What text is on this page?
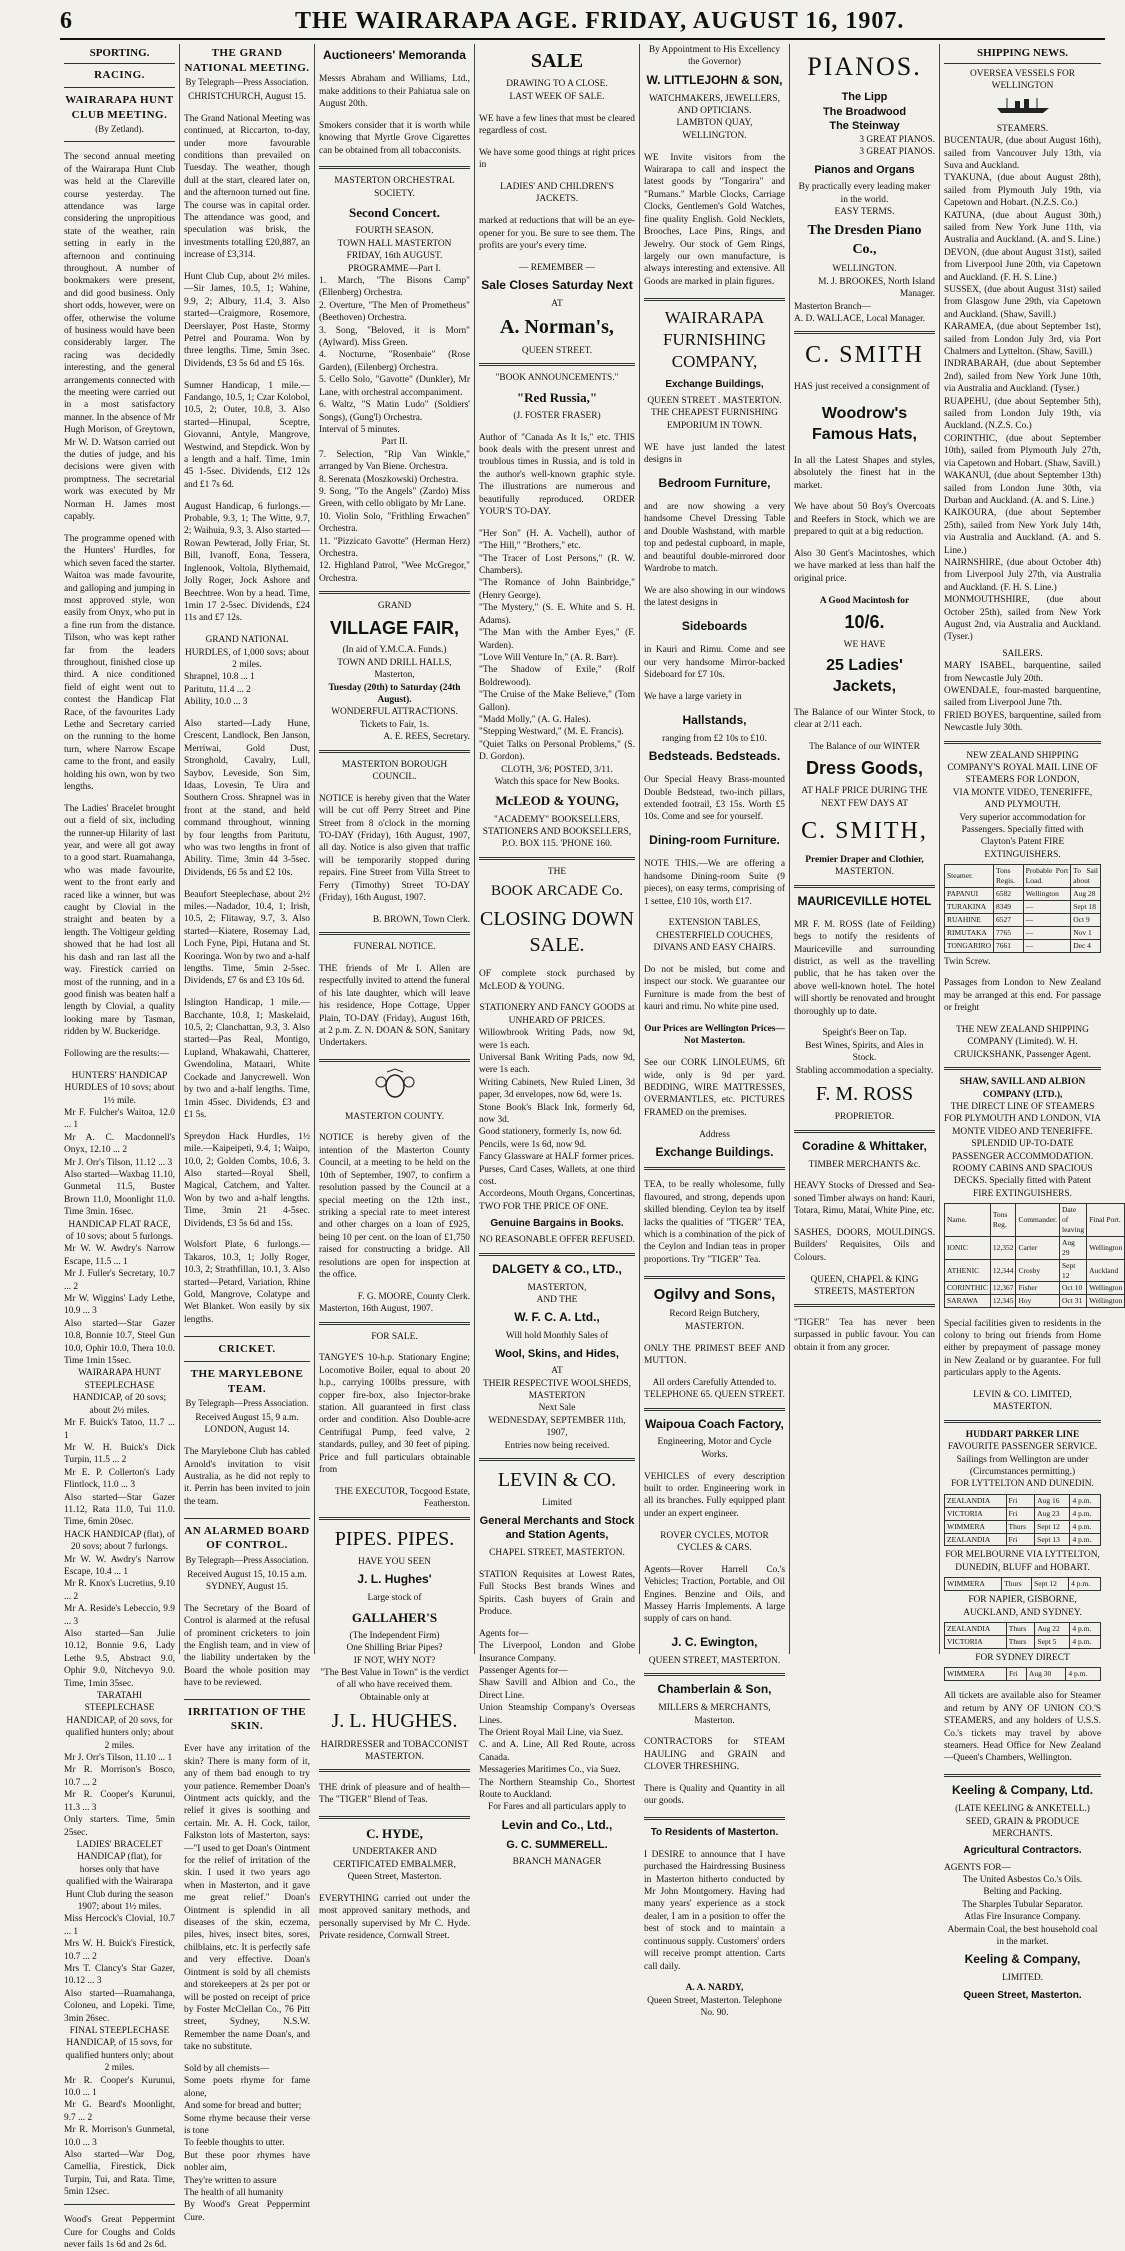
6	THE WAIRARAPA AGE. FRIDAY, AUGUST 16, 1907.
SPORTING.
RACING.
WAIRARAPA HUNT CLUB MEETING.
(By Zetland).

The second annual meeting of the Wairarapa Hunt Club was held at the Clareville course yesterday. The attendance was large considering the unpropitious state of the weather, rain setting in early in the afternoon and continuing throughout. A number of bookmakers were present, and did good business. Only short odds, however, were on offer, otherwise the volume of business would have been considerably larger. The racing was decidedly interesting, and the general arrangements connected with the meeting were carried out in a most satisfactory manner. In the absence of Mr Hugh Morison, of Greytown, Mr W. D. Watson carried out the duties of judge, and his decisions were given with promptness. The secretarial work was executed by Mr Norman H. James most capably.

The programme opened with the Hunters' Hurdles, for which seven faced the starter. Waitoa was made favourite, and galloping and jumping in most approved style, won easily from Onyx, who put in a fine run from the distance. Tilson, who was kept rather far from the leaders throughout, finished close up third. A nice conditioned field of eight went out to contest the Handicap Flat Race, of the favourites Lady Lethe and Secretary carried on the running to the home turn, where Narrow Escape came to the front, and easily holding his own, won by two lengths.

The Ladies' Bracelet brought out a field of six, including the runner-up Hilarity of last year, and were all got away to a good start. Ruamahanga, who was made favourite, went to the front early and raced like a winner, but was caught by Clovial in the straight and beaten by a length. The Voltigeur gelding showed that he had lost all his dash and ran last all the way. Firestick carried on most of the running, and in a good finish was beaten half a length by Clovial, a quality looking mare by Tasman, ridden by W. Buckeridge.

Following are the results:—

HUNTERS' HANDICAP HURDLES of 10 sovs; about 1½ mile.
Mr F. Fulcher's Waitoa, 12.0 ... 1
Mr A. C. Macdonnell's Onyx, 12.10 ... 2
Mr J. Orr's Tilson, 11.12 ... 3
Also started—Waxbag 11.10, Gunmetal 11.5, Buster Brown 11.0, Moonlight 11.0. Time 3min. 16sec.
HANDICAP FLAT RACE, of 10 sovs; about 5 furlongs.
Mr W. W. Awdry's Narrow Escape, 11.5 ... 1
Mr J. Fuller's Secretary, 10.7 ... 2
Mr W. Wiggins' Lady Lethe, 10.9 ... 3
Also started—Star Gazer 10.8, Bonnie 10.7, Steel Gun 10.0, Ophir 10.0, Thera 10.0. Time 1min 15sec.
WAIRARAPA HUNT STEEPLECHASE HANDICAP, of 20 sovs; about 2½ miles.
Mr F. Buick's Tatoo, 11.7 ... 1
Mr W. H. Buick's Dick Turpin, 11.5 ... 2
Mr E. P. Collerton's Lady Flintlock, 11.0 ... 3
Also started—Star Gazer 11.12, Rata 11.0, Tui 11.0. Time, 6min 20sec.
HACK HANDICAP (flat), of 20 sovs; about 7 furlongs.
Mr W. W. Awdry's Narrow Escape, 10.4 ... 1
Mr R. Knox's Lucretius, 9.10 ... 2
Mr A. Reside's Lebeccio, 9.9 ... 3
Also started—San Julie 10.12, Bonnie 9.6, Lady Lethe 9.5, Abstract 9.0, Ophir 9.0, Nitchevyo 9.0. Time, 1min 35sec.
TARATAHI STEEPLECHASE HANDICAP, of 20 sovs, for qualified hunters only; about 2 miles.
Mr J. Orr's Tilson, 11.10 ... 1
Mr R. Morrison's Bosco, 10.7 ... 2
Mr R. Cooper's Kurunui, 11.3 ... 3
Only starters. Time, 5min 25sec.
LADIES' BRACELET HANDICAP (flat), for horses only that have qualified with the Wairarapa Hunt Club during the season 1907; about 1½ miles.
Miss Hercock's Clovial, 10.7 ... 1
Mrs W. H. Buick's Firestick, 10.7 ... 2
Mrs T. Clancy's Star Gazer, 10.12 ... 3
Also started—Ruamahanga, Coloneu, and Lopeki. Time, 3min 26sec.
FINAL STEEPLECHASE HANDICAP, of 15 sovs, for qualified hunters only; about 2 miles.
Mr R. Cooper's Kurunui, 10.0 ... 1
Mr G. Beard's Moonlight, 9.7 ... 2
Mr R. Morrison's Gunmetal, 10.0 ... 3
Also started—War Dog, Camellia, Firestick, Dick Turpin, Tui, and Rata. Time, 5min 12sec.

Wood's Great Peppermint Cure for Coughs and Colds never fails 1s 6d and 2s 6d.

THE GRAND NATIONAL MEETING.
By Telegraph—Press Association.
CHRISTCHURCH, August 15.

The Grand National Meeting was continued, at Riccarton, to-day, under more favourable conditions than prevailed on Tuesday. The weather, though dull at the start, cleared later on, and the afternoon turned out fine. The course was in capital order. The attendance was good, and speculation was brisk, the investments totalling £20,887, an increase of £3,314.

Hunt Club Cup, about 2½ miles.—Sir James, 10.5, 1; Wahine, 9.9, 2; Albury, 11.4, 3. Also started—Craigmore, Rosemore, Deerslayer, Post Haste, Stormy Petrel and Pourama. Won by three lengths. Time, 5min 3sec. Dividends, £3 5s 6d and £5 16s.

Sumner Handicap, 1 mile.—Fandango, 10.5, 1; Czar Kolobol, 10.5, 2; Outer, 10.8, 3. Also started—Hinupal, Sceptre, Giovanni, Antyle, Mangrove, Westwind, and Stepdick. Won by a length and a half. Time, 1min 45 1-5sec. Dividends, £12 12s and £1 7s 6d.

August Handicap, 6 furlongs.—Probable, 9.3, 1; The Witte, 9.7, 2; Waihuia, 9.3, 3. Also started—Rowan Pewterad, Jolly Friar, St. Bill, Ivanoff, Eona, Tessera, Inglenook, Voltola, Blythemaid, Jolly Roger, Jock Ashore and Beechtree. Won by a head. Time, 1min 17 2-5sec. Dividends, £24 11s and £7 12s.

GRAND NATIONAL HURDLES, of 1,000 sovs; about 2 miles.
Shrapnel, 10.8 ... 1
Paritutu, 11.4 ... 2
Ability, 10.0 ... 3

Also started—Lady Hune, Crescent, Landlock, Ben Janson, Merriwai, Gold Dust, Stronghold, Cavalry, Lull, Saybov, Leveside, Son Sim, Idaas, Lovesin, Te Uira and Southern Cross. Shrapnel was in front at the stand, and held command throughout, winning by four lengths from Paritutu, who was two lengths in front of Ability. Time, 3min 44 3-5sec. Dividends, £6 5s and £2 10s.

Beaufort Steeplechase, about 2½ miles.—Nadador, 10.4, 1; Irish, 10.5, 2; Flitaway, 9.7, 3. Also started—Kiatere, Rosemay Lad, Loch Fyne, Pipi, Hutana and St. Kooringa. Won by two and a-half lengths. Time, 5min 2-5sec. Dividends, £7 6s and £3 10s 6d.

Islington Handicap, 1 mile.—Bacchante, 10.8, 1; Maskelaid, 10.5, 2; Clanchattan, 9.3, 3. Also started—Pas Real, Montigo, Lupland, Whakawahi, Chatterer, Gwendolina, Mataari, White Cockade and Janycrewell. Won by two and a-half lengths. Time, 1min 45sec. Dividends, £3 and £1 5s.

Spreydon Hack Hurdles, 1½ mile.—Kaipeipeti, 9.4, 1; Waipo, 10.0, 2; Golden Combs, 10.6, 3. Also started—Royal Shell, Magical, Catchem, and Yalter. Won by two and a-half lengths. Time, 3min 21 4-5sec. Dividends, £3 5s 6d and 15s.

Wolsfort Plate, 6 furlongs.—Takaros, 10.3, 1; Jolly Roger, 10.3, 2; Strathfillan, 10.1, 3. Also started—Petard, Variation, Rhine Gold, Mangrove, Colatype and Wet Blanket. Won easily by six lengths.

CRICKET.
THE MARYLEBONE TEAM.
By Telegraph—Press Association.
Received August 15, 9 a.m.
LONDON, August 14.

The Marylebone Club has cabled Arnold's invitation to visit Australia, as he did not reply to it. Perrin has been invited to join the team.

AN ALARMED BOARD OF CONTROL.
By Telegraph—Press Association.
Received August 15, 10.15 a.m.
SYDNEY, August 15.

The Secretary of the Board of Control is alarmed at the refusal of prominent cricketers to join the English team, and in view of the liability undertaken by the Board the whole position may have to be reviewed.

IRRITATION OF THE SKIN.

Ever have any irritation of the skin? There is many form of it, any of them bad enough to try your patience. Remember Doan's Ointment acts quickly, and the relief it gives is soothing and certain. Mr. A. H. Cock, tailor, Falkston lots of Masterton, says:—"I used to get Doan's Ointment for the relief of irritation of the skin. I used it two years ago when in Masterton, and it gave me great relief." Doan's Ointment is splendid in all diseases of the skin, eczema, piles, hives, insect bites, sores, chilblains, etc. It is perfectly safe and very effective. Doan's Ointment is sold by all chemists and storekeepers at 2s per pot or will be posted on receipt of price by Foster McClellan Co., 76 Pitt street, Sydney, N.S.W. Remember the name Doan's, and take no substitute.

Sold by all chemists—
Some poets rhyme for fame alone,
And some for bread and butter;
Some rhyme because their verse is tone
To feeble thoughts to utter.
But these poor rhymes have nobler aim,
They're written to assure
The health of all humanity
By Wood's Great Peppermint Cure.
Auctioneers' Memoranda

Messrs Abraham and Williams, Ltd., make additions to their Pahiatua sale on August 20th.

Smokers consider that it is worth while knowing that Myrtle Grove Cigarettes can be obtained from all tobacconists.

MASTERTON ORCHESTRAL SOCIETY.
Second Concert.
FOURTH SEASON.
TOWN HALL MASTERTON
FRIDAY, 16th AUGUST.
PROGRAMME—Part I.
1. March, "The Bisons Camp" (Ellenberg) Orchestra.
2. Overture, "The Men of Prometheus" (Beethoven) Orchestra.
3. Song, "Beloved, it is Morn" (Aylward). Miss Green.
4. Nocturne, "Rosenbaie" (Rose Garden), (Eilenberg) Orchestra.
5. Cello Solo, "Gavotte" (Dunkler), Mr Lane, with orchestral accompaniment.
6. Waltz, "S Matin Ludo" (Soldiers' Songs), (Gung'l) Orchestra.
Interval of 5 minutes.
Part II.
7. Selection, "Rip Van Winkle," arranged by Van Biene. Orchestra.
8. Serenata (Moszkowski) Orchestra.
9. Song, "To the Angels" (Zardo) Miss Green, with cello obligato by Mr Lane.
10. Violin Solo, "Frithling Erwachen" Orchestra.
11. "Pizzicato Gavotte" (Herman Herz) Orchestra.
12. Highland Patrol, "Wee McGregor," Orchestra.
GRAND
VILLAGE FAIR,
(In aid of Y.M.C.A. Funds.)
TOWN AND DRILL HALLS, Masterton,
Tuesday (20th) to Saturday (24th August).
WONDERFUL ATTRACTIONS.
Tickets to Fair, 1s.
A. E. REES, Secretary.
MASTERTON BOROUGH COUNCIL.

NOTICE is hereby given that the Water will be cut off Perry Street and Pine Street from 8 o'clock in the morning TO-DAY (Friday), 16th August, 1907, all day. Notice is also given that traffic will be temporarily stopped during repairs. Fine Street from Villa Street to Ferry (Timothy) Street TO-DAY (Friday), 16th August, 1907.

B. BROWN, Town Clerk.
FUNERAL NOTICE.

THE friends of Mr I. Allen are respectfully invited to attend the funeral of his late daughter, which will leave his residence, Hope Cottage, Upper Plain, TO-DAY (Friday), August 16th, at 2 p.m. Z. N. DOAN & SON, Sanitary Undertakers.

MASTERTON COUNTY.

NOTICE is hereby given of the intention of the Masterton County Council, at a meeting to be held on the 10th of September, 1907, to confirm a resolution passed by the Council at a special meeting on the 12th inst., striking a special rate to meet interest and other charges on a loan of £925, being 10 per cent. on the loan of £1,750 raised for constructing a bridge. All resolutions are open for inspection at the office.

F. G. MOORE, County Clerk.
Masterton, 16th August, 1907.
FOR SALE.

TANGYE'S 10-h.p. Stationary Engine; Locomotive Boiler, equal to about 20 h.p., carrying 100lbs pressure, with copper fire-box, also Injector-brake station. All guaranteed in first class order and condition. Also Double-acre Centrifugal Pump, feed valve, 2 standards, pulley, and 30 feet of piping. Price and full particulars obtainable from

THE EXECUTOR, Tocgood Estate, Featherston.
PIPES. PIPES.
HAVE YOU SEEN
J. L. Hughes'
Large stock of
GALLAHER'S
(The Independent Firm)
One Shilling Briar Pipes?
IF NOT, WHY NOT?
"The Best Value in Town" is the verdict of all who have received them.
Obtainable only at
J. L. HUGHES.
HAIRDRESSER and TOBACCONIST
MASTERTON.

THE drink of pleasure and of health—The "TIGER" Blend of Teas.

C. HYDE,
UNDERTAKER AND CERTIFICATED EMBALMER,
Queen Street, Masterton.

EVERYTHING carried out under the most approved sanitary methods, and personally supervised by Mr C. Hyde. Private residence, Cornwall Street.

SALE
DRAWING TO A CLOSE.
LAST WEEK OF SALE.

WE have a few lines that must be cleared regardless of cost.

We have some good things at right prices in

LADIES' AND CHILDREN'S JACKETS.

marked at reductions that will be an eye-opener for you. Be sure to see them. The profits are your's every time.

— REMEMBER —
Sale Closes Saturday Next
AT
A. Norman's,
QUEEN STREET.
"BOOK ANNOUNCEMENTS."
"Red Russia,"
(J. FOSTER FRASER)

Author of "Canada As It Is," etc. THIS book deals with the present unrest and troublous times in Russia, and is told in the author's well-known graphic style. The illustrations are numerous and beautifully reproduced. ORDER YOUR'S TO-DAY.

"Her Son" (H. A. Vachell), author of "The Hill," "Brothers," etc.
"The Tracer of Lost Persons," (R. W. Chambers).
"The Romance of John Bainbridge," (Henry George).
"The Mystery," (S. E. White and S. H. Adams).
"The Man with the Amber Eyes," (F. Warden).
"Love Will Venture In," (A. R. Barr).
"The Shadow of Exile," (Rolf Boldrewood).
"The Cruise of the Make Believe," (Tom Gallon).
"Madd Molly," (A. G. Hales).
"Stepping Westward," (M. E. Francis).
"Quiet Talks on Personal Problems," (S. D. Gordon).
CLOTH, 3/6; POSTED, 3/11.
Watch this space for New Books.
McLEOD & YOUNG,
"ACADEMY" BOOKSELLERS,
STATIONERS AND BOOKSELLERS,
P.O. BOX 115. 'PHONE 160.
THE
BOOK ARCADE Co.
CLOSING DOWN SALE.

OF complete stock purchased by McLEOD & YOUNG.

STATIONERY AND FANCY GOODS at UNHEARD OF PRICES.
Willowbrook Writing Pads, now 9d, were 1s each.
Universal Bank Writing Pads, now 9d, were 1s each.
Writing Cabinets, New Ruled Linen, 3d paper, 3d envelopes, now 6d, were 1s.
Stone Book's Black Ink, formerly 6d, now 3d.
Good stationery, formerly 1s, now 6d.
Pencils, were 1s 6d, now 9d.
Fancy Glassware at HALF former prices.
Purses, Card Cases, Wallets, at one third cost.
Accordeons, Mouth Organs, Concertinas, TWO FOR THE PRICE OF ONE.
Genuine Bargains in Books.
NO REASONABLE OFFER REFUSED.
DALGETY & CO., LTD.,
MASTERTON,
AND THE
W. F. C. A. Ltd.,
Will hold Monthly Sales of
Wool, Skins, and Hides,
AT
THEIR RESPECTIVE WOOLSHEDS, MASTERTON
Next Sale
WEDNESDAY, SEPTEMBER 11th, 1907,
Entries now being received.
LEVIN & CO.
Limited
General Merchants and Stock and Station Agents,
CHAPEL STREET, MASTERTON.

STATION Requisites at Lowest Rates, Full Stocks Best brands Wines and Spirits. Cash buyers of Grain and Produce.

Agents for—
The Liverpool, London and Globe Insurance Company.
Passenger Agents for—
Shaw Savill and Albion and Co., the Direct Line.
Union Steamship Company's Overseas Lines.
The Orient Royal Mail Line, via Suez.
C. and A. Line, All Red Route, across Canada.
Messageries Maritimes Co., via Suez.
The Northern Steamship Co., Shortest Route to Auckland.
For Fares and all particulars apply to
Levin and Co., Ltd.,
G. C. SUMMERELL.
BRANCH MANAGER
By Appointment to His Excellency the Governor)
W. LITTLEJOHN & SON,
WATCHMAKERS, JEWELLERS, AND OPTICIANS.
LAMBTON QUAY, WELLINGTON.

WE Invite visitors from the Wairarapa to call and inspect the latest goods by "Tongarira" and "Rumans." Marble Clocks, Carriage Clocks, Gentlemen's Gold Watches, fine quality English. Gold Necklets, Brooches, Lace Pins, Rings, and Jewelry. Our stock of Gem Rings, largely our own manufacture, is always interesting and extensive. All Goods are marked in plain figures.

WAIRARAPA FURNISHING COMPANY,
Exchange Buildings,
QUEEN STREET . MASTERTON.
THE CHEAPEST FURNISHING EMPORIUM IN TOWN.

WE have just landed the latest designs in

Bedroom Furniture,

and are now showing a very handsome Chevel Dressing Table and Double Washstand, with marble top and pedestal cupboard, in maple, and beautiful double-mirrored door Wardrobe to match.

We are also showing in our windows the latest designs in

Sideboards

in Kauri and Rimu. Come and see our very handsome Mirror-backed Sideboard for £7 10s.

We have a large variety in

Hallstands,
ranging from £2 10s to £10.
Bedsteads. Bedsteads.

Our Special Heavy Brass-mounted Double Bedstead, two-inch pillars, extended footrail, £3 15s. Worth £5 10s. Come and see for yourself.

Dining-room Furniture.

NOTE THIS.—We are offering a handsome Dining-room Suite (9 pieces), on easy terms, comprising of 1 settee, £10 10s, worth £17.

EXTENSION TABLES, CHESTERFIELD COUCHES, DIVANS AND EASY CHAIRS.

Do not be misled, but come and inspect our stock. We guarantee our Furniture is made from the best of kauri and rimu. No white pine used.

Our Prices are Wellington Prices—Not Masterton.

See our CORK LINOLEUMS, 6ft wide, only is 9d per yard. BEDDING, WIRE MATTRESSES, OVERMANTLES, etc. PICTURES FRAMED on the premises.

Address
Exchange Buildings.

TEA, to be really wholesome, fully flavoured, and strong, depends upon skilled blending. Ceylon tea by itself lacks the qualities of "TIGER" TEA, which is a combination of the pick of the Ceylon and Indian teas in proper proportions. Try "TIGER" Tea.

Ogilvy and Sons,
Record Reign Butchery,
MASTERTON.

ONLY THE PRIMEST BEEF AND MUTTON.

All orders Carefully Attended to.
TELEPHONE 65. QUEEN STREET.
Waipoua Coach Factory,
Engineering, Motor and Cycle Works.

VEHICLES of every description built to order. Engineering work in all its branches. Fully equipped plant under an expert engineer.

ROVER CYCLES, MOTOR CYCLES & CARS.

Agents—Rover Harrell Co.'s Vehicles; Traction, Portable, and Oil Engines. Benzine and Oils, and Massey Harris Implements. A large supply of cars on hand.

J. C. Ewington,
QUEEN STREET, MASTERTON.
Chamberlain & Son,
MILLERS & MERCHANTS,
Masterton.

CONTRACTORS for STEAM HAULING and GRAIN and CLOVER THRESHING.

There is Quality and Quantity in all our goods.

To Residents of Masterton.

I DESIRE to announce that I have purchased the Hairdressing Business in Masterton hitherto conducted by Mr John Montgomery. Having had many years' experience as a stock dealer, I am in a position to offer the best of stock and to maintain a continuous supply. Customers' orders will receive prompt attention. Carts call daily.

A. A. NARDY,
Queen Street, Masterton. Telephone No. 90.
PIANOS.
The Lipp
The Broadwood
The Steinway
3 GREAT PIANOS.
3 GREAT PIANOS.
Pianos and Organs
By practically every leading maker in the world.
EASY TERMS.
The Dresden Piano Co.,
WELLINGTON.
M. J. BROOKES, North Island Manager.
Masterton Branch—
A. D. WALLACE, Local Manager.
C. SMITH

HAS just received a consignment of

Woodrow's Famous Hats,

In all the Latest Shapes and styles, absolutely the finest hat in the market.

We have about 50 Boy's Overcoats and Reefers in Stock, which we are prepared to quit at a big reduction.

Also 30 Gent's Macintoshes, which we have marked at less than half the original price.

A Good Macintosh for
10/6.
WE HAVE
25 Ladies' Jackets,

The Balance of our Winter Stock, to clear at 2/11 each.

The Balance of our WINTER
Dress Goods,
AT HALF PRICE DURING THE NEXT FEW DAYS AT
C. SMITH,
Premier Draper and Clothier,
MASTERTON.
MAURICEVILLE HOTEL

MR F. M. ROSS (late of Feilding) begs to notify the residents of Mauriceville and surrounding district, as well as the travelling public, that he has taken over the above well-known hotel. The hotel will shortly be renovated and brought thoroughly up to date.

Speight's Beer on Tap.
Best Wines, Spirits, and Ales in Stock.
Stabling accommodation a specialty.
F. M. ROSS
PROPRIETOR.
Coradine & Whittaker,
TIMBER MERCHANTS &c.

HEAVY Stocks of Dressed and Sea-soned Timber always on hand: Kauri, Totara, Rimu, Matai, White Pine, etc.

SASHES, DOORS, MOULDINGS. Builders' Requisites, Oils and Colours.

QUEEN, CHAPEL & KING STREETS, MASTERTON

"TIGER" Tea has never been surpassed in public favour. You can obtain it from any grocer.

SHIPPING NEWS.
OVERSEA VESSELS FOR WELLINGTON
STEAMERS.
BUCENTAUR, (due about August 16th), sailed from Vancouver July 13th, via Suva and Auckland.
TYAKUNA, (due about August 28th), sailed from Plymouth July 19th, via Capetown and Hobart. (N.Z.S. Co.)
KATUNA, (due about August 30th,) sailed from New York June 11th, via Australia and Auckland. (A. and S. Line.)
DEVON, (due about August 31st), sailed from Liverpool June 20th, via Capetown and Auckland. (F. H. S. Line.)
SUSSEX, (due about August 31st) sailed from Glasgow June 29th, via Capetown and Auckland. (Shaw, Savill.)
KARAMEA, (due about September 1st), sailed from London July 3rd, via Port Chalmers and Lyttelton. (Shaw, Savill.)
INDRABARAH, (due about September 2nd), sailed from New York June 10th, via Australia and Auckland. (Tyser.)
RUAPEHU, (due about September 5th), sailed from London July 19th, via Auckland. (N.Z.S. Co.)
CORINTHIC, (due about September 10th), sailed from Plymouth July 27th, via Capetown and Hobart. (Shaw, Savill.)
WAKANUI, (due about September 13th) sailed from London June 30th, via Durban and Auckland. (A. and S. Line.)
KAIKOURA, (due about September 25th), sailed from New York July 14th, via Australia and Auckland. (A. and S. Line.)
NAIRNSHIRE, (due about October 4th) from Liverpool July 27th, via Australia and Auckland. (F. H. S. Line.)
MONMOUTHSHIRE, (due about October 25th), sailed from New York August 2nd, via Australia and Auckland. (Tyser.)
SAILERS.
MARY ISABEL, barquentine, sailed from Newcastle July 20th.
OWENDALE, four-masted barquentine, sailed from Liverpool June 7th.
FRIED BOYES, barquentine, sailed from Newcastle July 30th.
NEW ZEALAND SHIPPING COMPANY'S ROYAL MAIL LINE OF STEAMERS FOR LONDON,
VIA MONTE VIDEO, TENERIFFE, AND PLYMOUTH.
Very superior accommodation for Passengers. Specially fitted with Clayton's Patent FIRE EXTINGUISHERS.
Steamer.	Tons Regis.	Probable Port Load.	To Sail about
PAPANUI	6582	Wellington	Aug 28
TURAKINA	8349	—	Sept 18
RUAHINE	6527	—	Oct 9
RIMUTAKA	7765	—	Nov 1
TONGARIRO	7661	—	Dec 4
Twin Screw.

Passages from London to New Zealand may be arranged at this end. For passage or freight

THE NEW ZEALAND SHIPPING COMPANY (Limited). W. H. CRUICKSHANK, Passenger Agent.
SHAW, SAVILL AND ALBION COMPANY (LTD.),
THE DIRECT LINE OF STEAMERS FOR PLYMOUTH AND LONDON, VIA MONTE VIDEO AND TENERIFFE.
SPLENDID UP-TO-DATE PASSENGER ACCOMMODATION. ROOMY CABINS AND SPACIOUS DECKS. Specially fitted with Patent FIRE EXTINGUISHERS.
Name.	Tons Reg.	Commander.	Date of leaving	Final Port.
IONIC	12,352	Carter	Aug 29	Wellington
ATHENIC	12,344	Crosby	Sept 12	Auckland
CORINTHIC	12,367	Fisher	Oct 10	Wellington
SARAWA	12,345	Hoy	Oct 31	Wellington

Special facilities given to residents in the colony to bring out friends from Home either by prepayment of passage money in New Zealand or by guarantee. For full particulars apply to the Agents.

LEVIN & CO. LIMITED, MASTERTON.
HUDDART PARKER LINE
FAVOURITE PASSENGER SERVICE.
Sailings from Wellington are under (Circumstances permitting.)
FOR LYTTELTON AND DUNEDIN.
ZEALANDIA	Fri	Aug 16	4 p.m.
VICTORIA	Fri	Aug 23	4 p.m.
WIMMERA	Thurs	Sept 12	4 p.m.
ZEALANDIA	Fri	Sept 13	4 p.m.
FOR MELBOURNE VIA LYTTELTON, DUNEDIN, BLUFF and HOBART.
WIMMERA	Thurs	Sept 12	4 p.m.
FOR NAPIER, GISBORNE, AUCKLAND, AND SYDNEY.
ZEALANDIA	Thurs	Aug 22	4 p.m.
VICTORIA	Thurs	Sept 5	4 p.m.
FOR SYDNEY DIRECT
WIMMERA	Fri	Aug 30	4 p.m.

All tickets are available also for Steamer and return by ANY OF UNION CO.'S STEAMERS, and any holders of U.S.S. Co.'s tickets may travel by above steamers. Head Office for New Zealand—Queen's Chambers, Wellington.

Keeling & Company, Ltd.
(LATE KEELING & ANKETELL.)
SEED, GRAIN & PRODUCE MERCHANTS.
Agricultural Contractors.
AGENTS FOR—
The United Asbestos Co.'s Oils.
Belting and Packing.
The Sharples Tubular Separator.
Atlas Fire Insurance Company.
Abermain Coal, the best household coal in the market.
Keeling & Company,
LIMITED.
Queen Street, Masterton.
